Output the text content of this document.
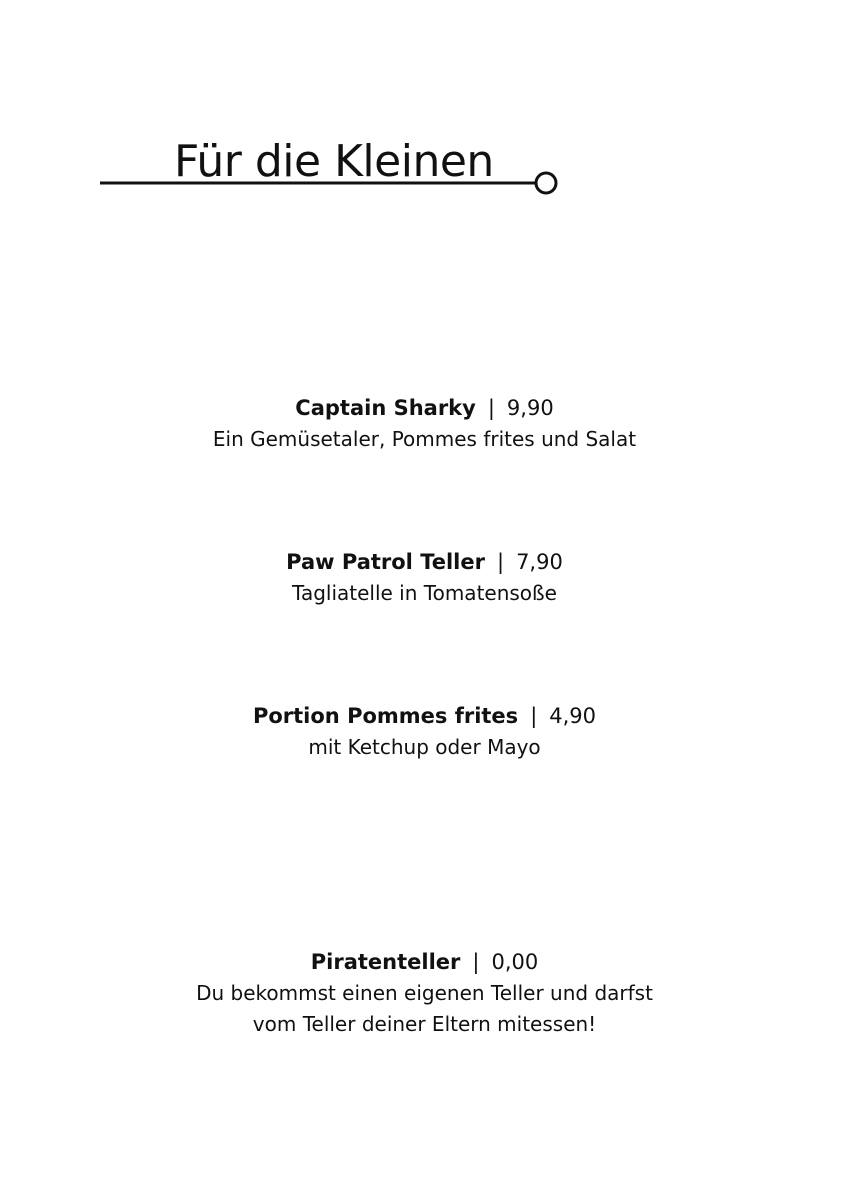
Für die Kleinen
Captain Sharky | 9,90
Ein Gemüsetaler, Pommes frites und Salat
Paw Patrol Teller | 7,90
Tagliatelle in Tomatensoße
Portion Pommes frites | 4,90
mit Ketchup oder Mayo
Piratenteller | 0,00
Du bekommst einen eigenen Teller und darfst
vom Teller deiner Eltern mitessen!
